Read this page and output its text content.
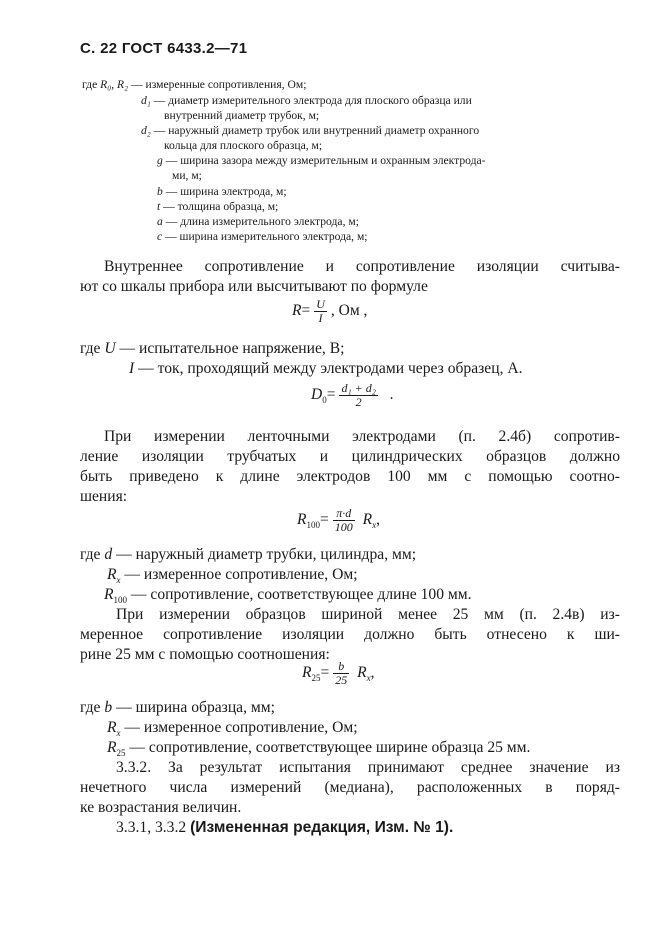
С. 22 ГОСТ 6433.2—71
где R₀, R₂ — измеренные сопротивления, Ом;
d₁ — диаметр измерительного электрода для плоского образца или
внутренний диаметр трубок, м;
d₂ — наружный диаметр трубок или внутренний диаметр охранного
кольца для плоского образца, м;
g — ширина зазора между измерительным и охранным электрода-
ми, м;
b — ширина электрода, м;
t — толщина образца, м;
a — длина измерительного электрода, м;
c — ширина измерительного электрода, м;
Внутреннее сопротивление и сопротивление изоляции считыва-
ют со шкалы прибора или высчитывают по формуле
$R= \frac{U}{I}$ , Ом ,
где U — испытательное напряжение, В;
I — ток, проходящий между электродами через образец, А.
$D_0= \frac{\text{d₁ + d₂}}{2}$ .
При измерении ленточными электродами (п. 2.4б) сопротив-
ление изоляции трубчатых и цилиндрических образцов должно
быть приведено к длине электродов 100 мм с помощью соотно-
шения:
$R_{100}= \frac{\pi\cdot d}{100} R_x$,
где d — наружный диаметр трубки, цилиндра, мм;
$R_x$ — измеренное сопротивление, Ом;
$R_{100}$ — сопротивление, соответствующее длине 100 мм.
При измерении образцов шириной менее 25 мм (п. 2.4в) из-
меренное сопротивление изоляции должно быть отнесено к ши-
рине 25 мм с помощью соотношения:
$R_{25}= \frac{b}{25} R_x$,
где b — ширина образца, мм;
$R_x$ — измеренное сопротивление, Ом;
$R_{25}$ — сопротивление, соответствующее ширине образца 25 мм.
3.3.2. За результат испытания принимают среднее значение из
нечетного числа измерений (медиана), расположенных в поряд-
ке возрастания величин.
3.3.1, 3.3.2 (Измененная редакция, Изм. № 1).
